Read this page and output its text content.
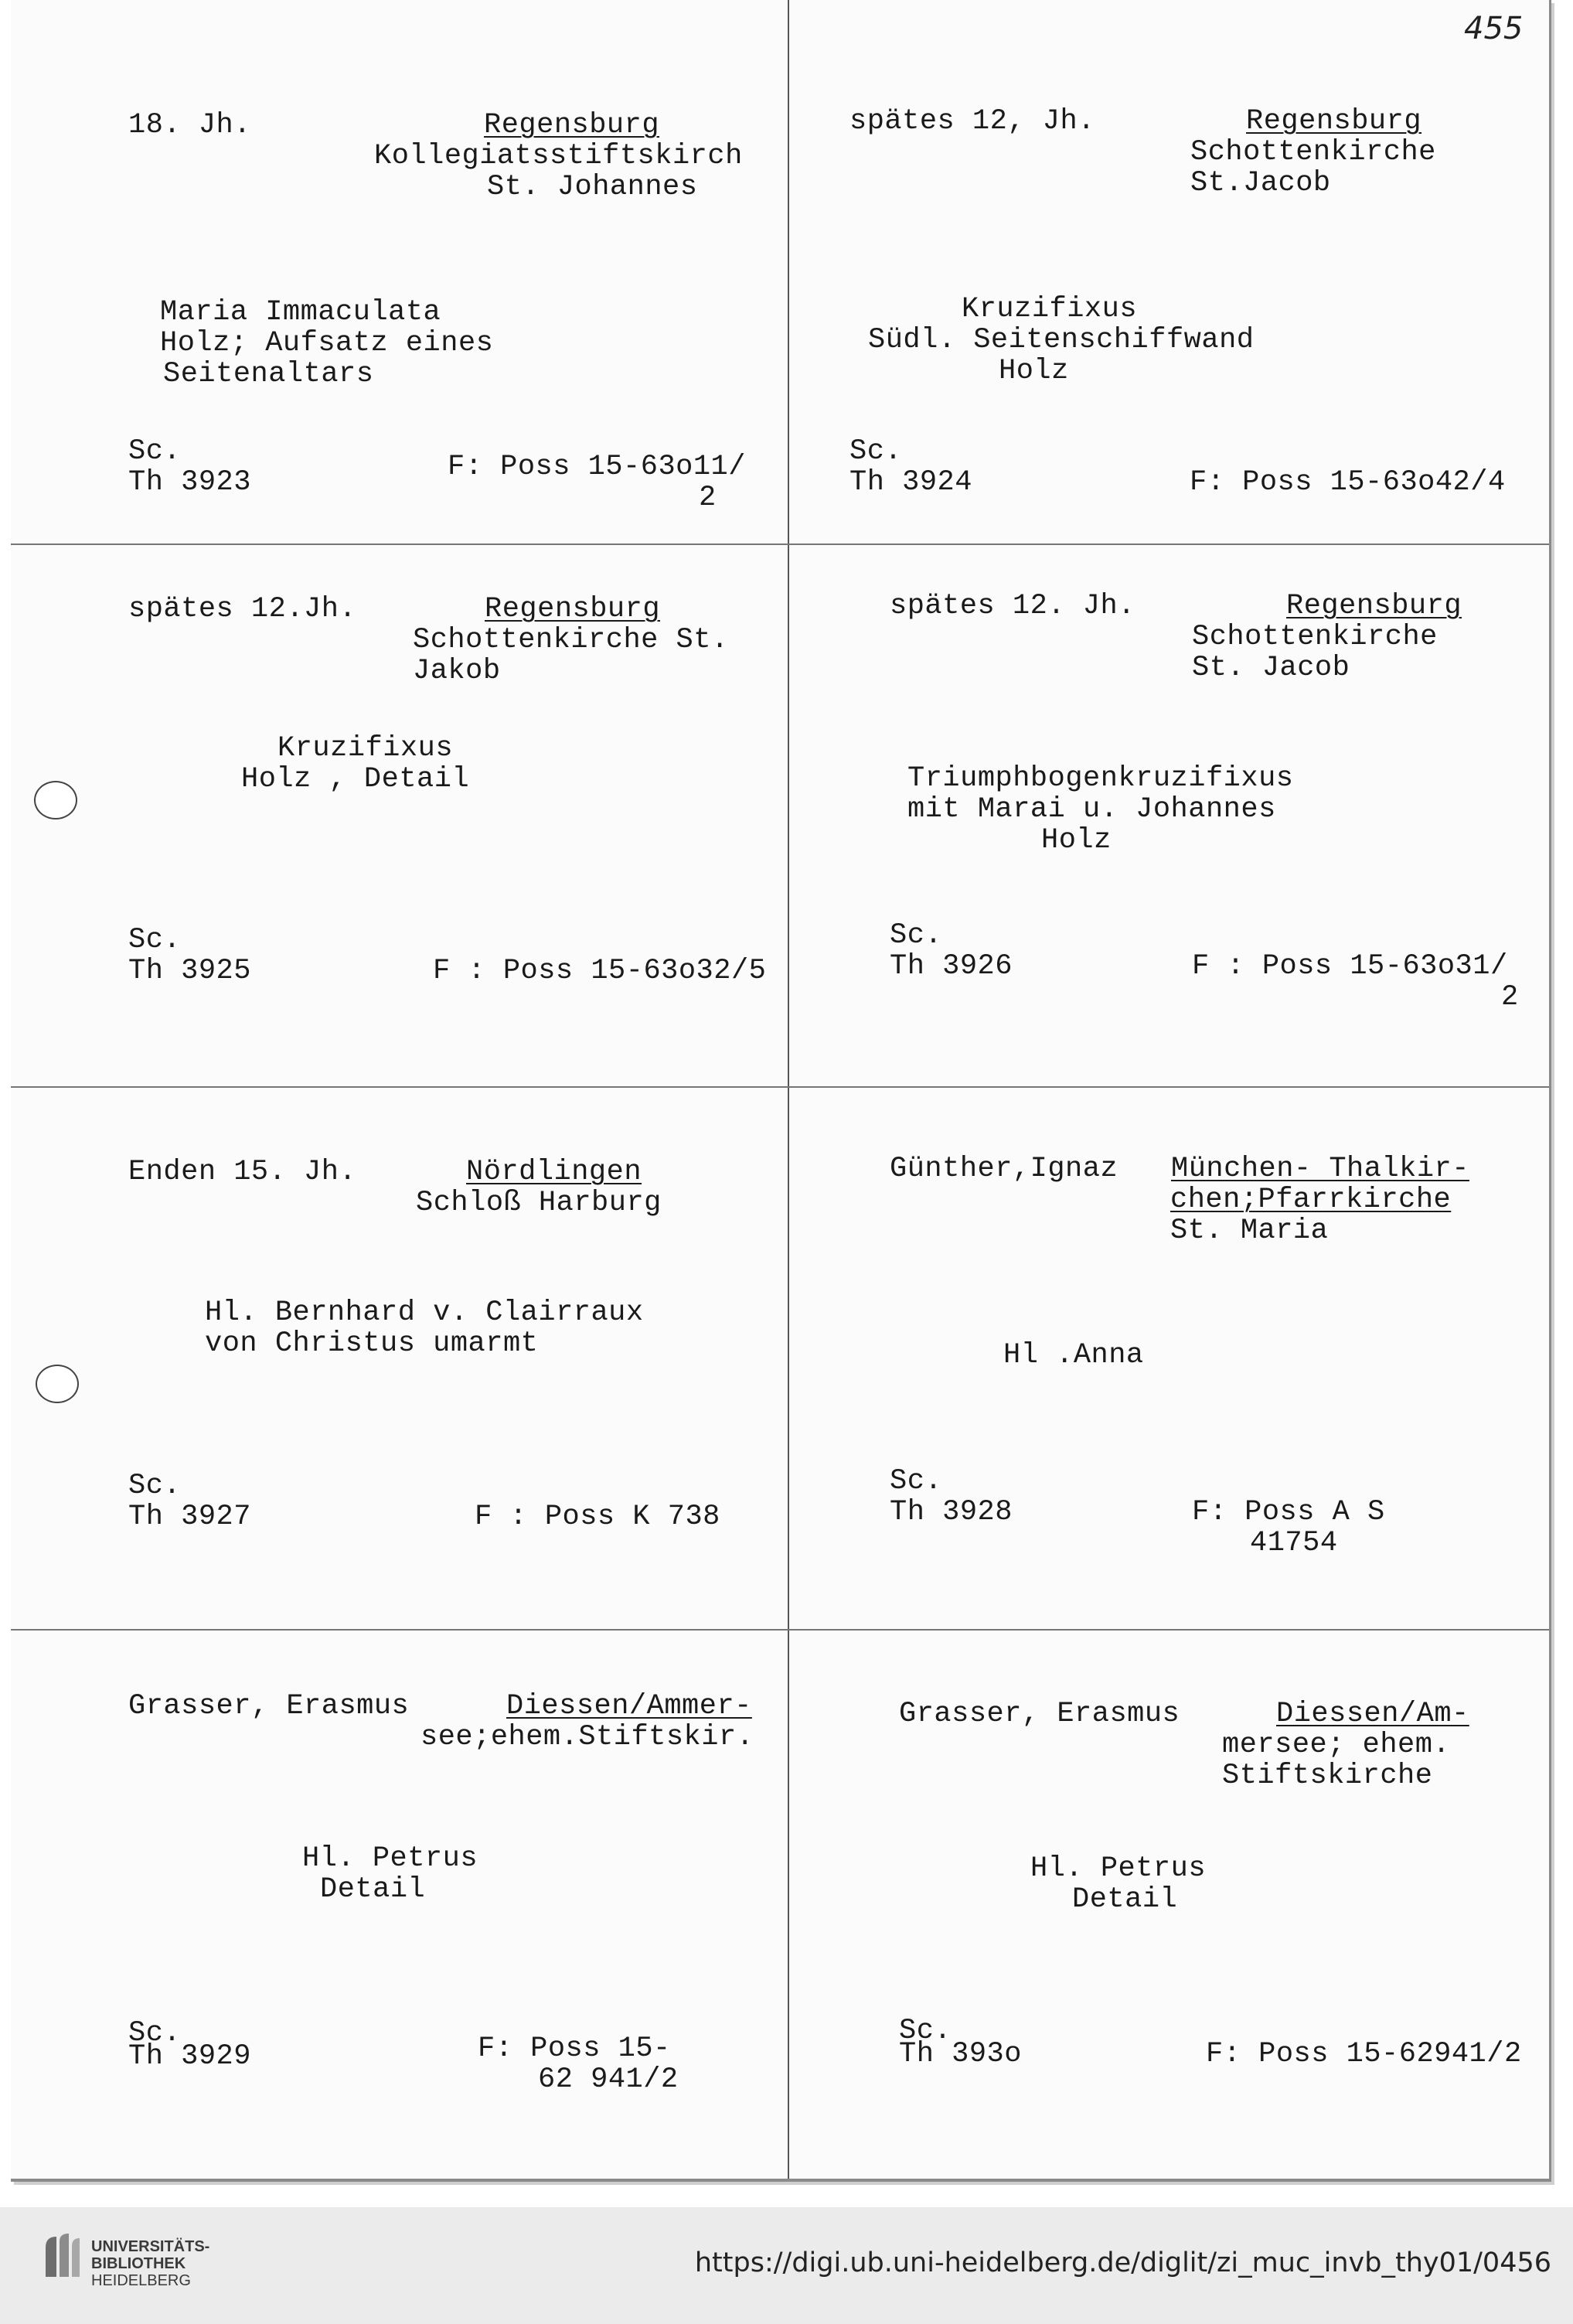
18. Jh.	Regensburg
Kollegiatsstiftskirch
St. Johannes
Maria Immaculata
Holz; Aufsatz eines
Seitenaltars
Sc.
Th 3923	F: Poss 15-63o11/
2
spätes 12, Jh.	Regensburg
Schottenkirche
St.Jacob
Kruzifixus
Südl. Seitenschiffwand
Holz
Sc.
Th 3924	F: Poss 15-63o42/4
spätes 12.Jh.	Regensburg
Schottenkirche St.
Jakob
Kruzifixus
Holz , Detail
Sc.
Th 3925	F : Poss 15-63o32/5
spätes 12. Jh.	Regensburg
Schottenkirche
St. Jacob
Triumphbogenkruzifixus
mit Marai u. Johannes
Holz
Sc.
Th 3926	F : Poss 15-63o31/
2
Enden 15. Jh.	Nördlingen
Schloß Harburg
Hl. Bernhard v. Clairraux
von Christus umarmt
Sc.
Th 3927	F : Poss K 738
Günther,Ignaz München- Thalkir-
chen;Pfarrkirche
St. Maria
Hl .Anna
Sc.
Th 3928	F: Poss A S
41754
Grasser, Erasmus	Diessen/Ammer-
see;ehem.Stiftskir.
Hl. Petrus
Detail
Sc.
Th 3929	F: Poss 15-
62 941/2
Grasser, Erasmus	Diessen/Am-
mersee; ehem.
Stiftskirche
Hl. Petrus
Detail
Sc.
Th 393o	F: Poss 15-62941/2
455
UNIVERSITÄTS-
BIBLIOTHEK
HEIDELBERG
https://digi.ub.uni-heidelberg.de/diglit/zi_muc_invb_thy01/0456
